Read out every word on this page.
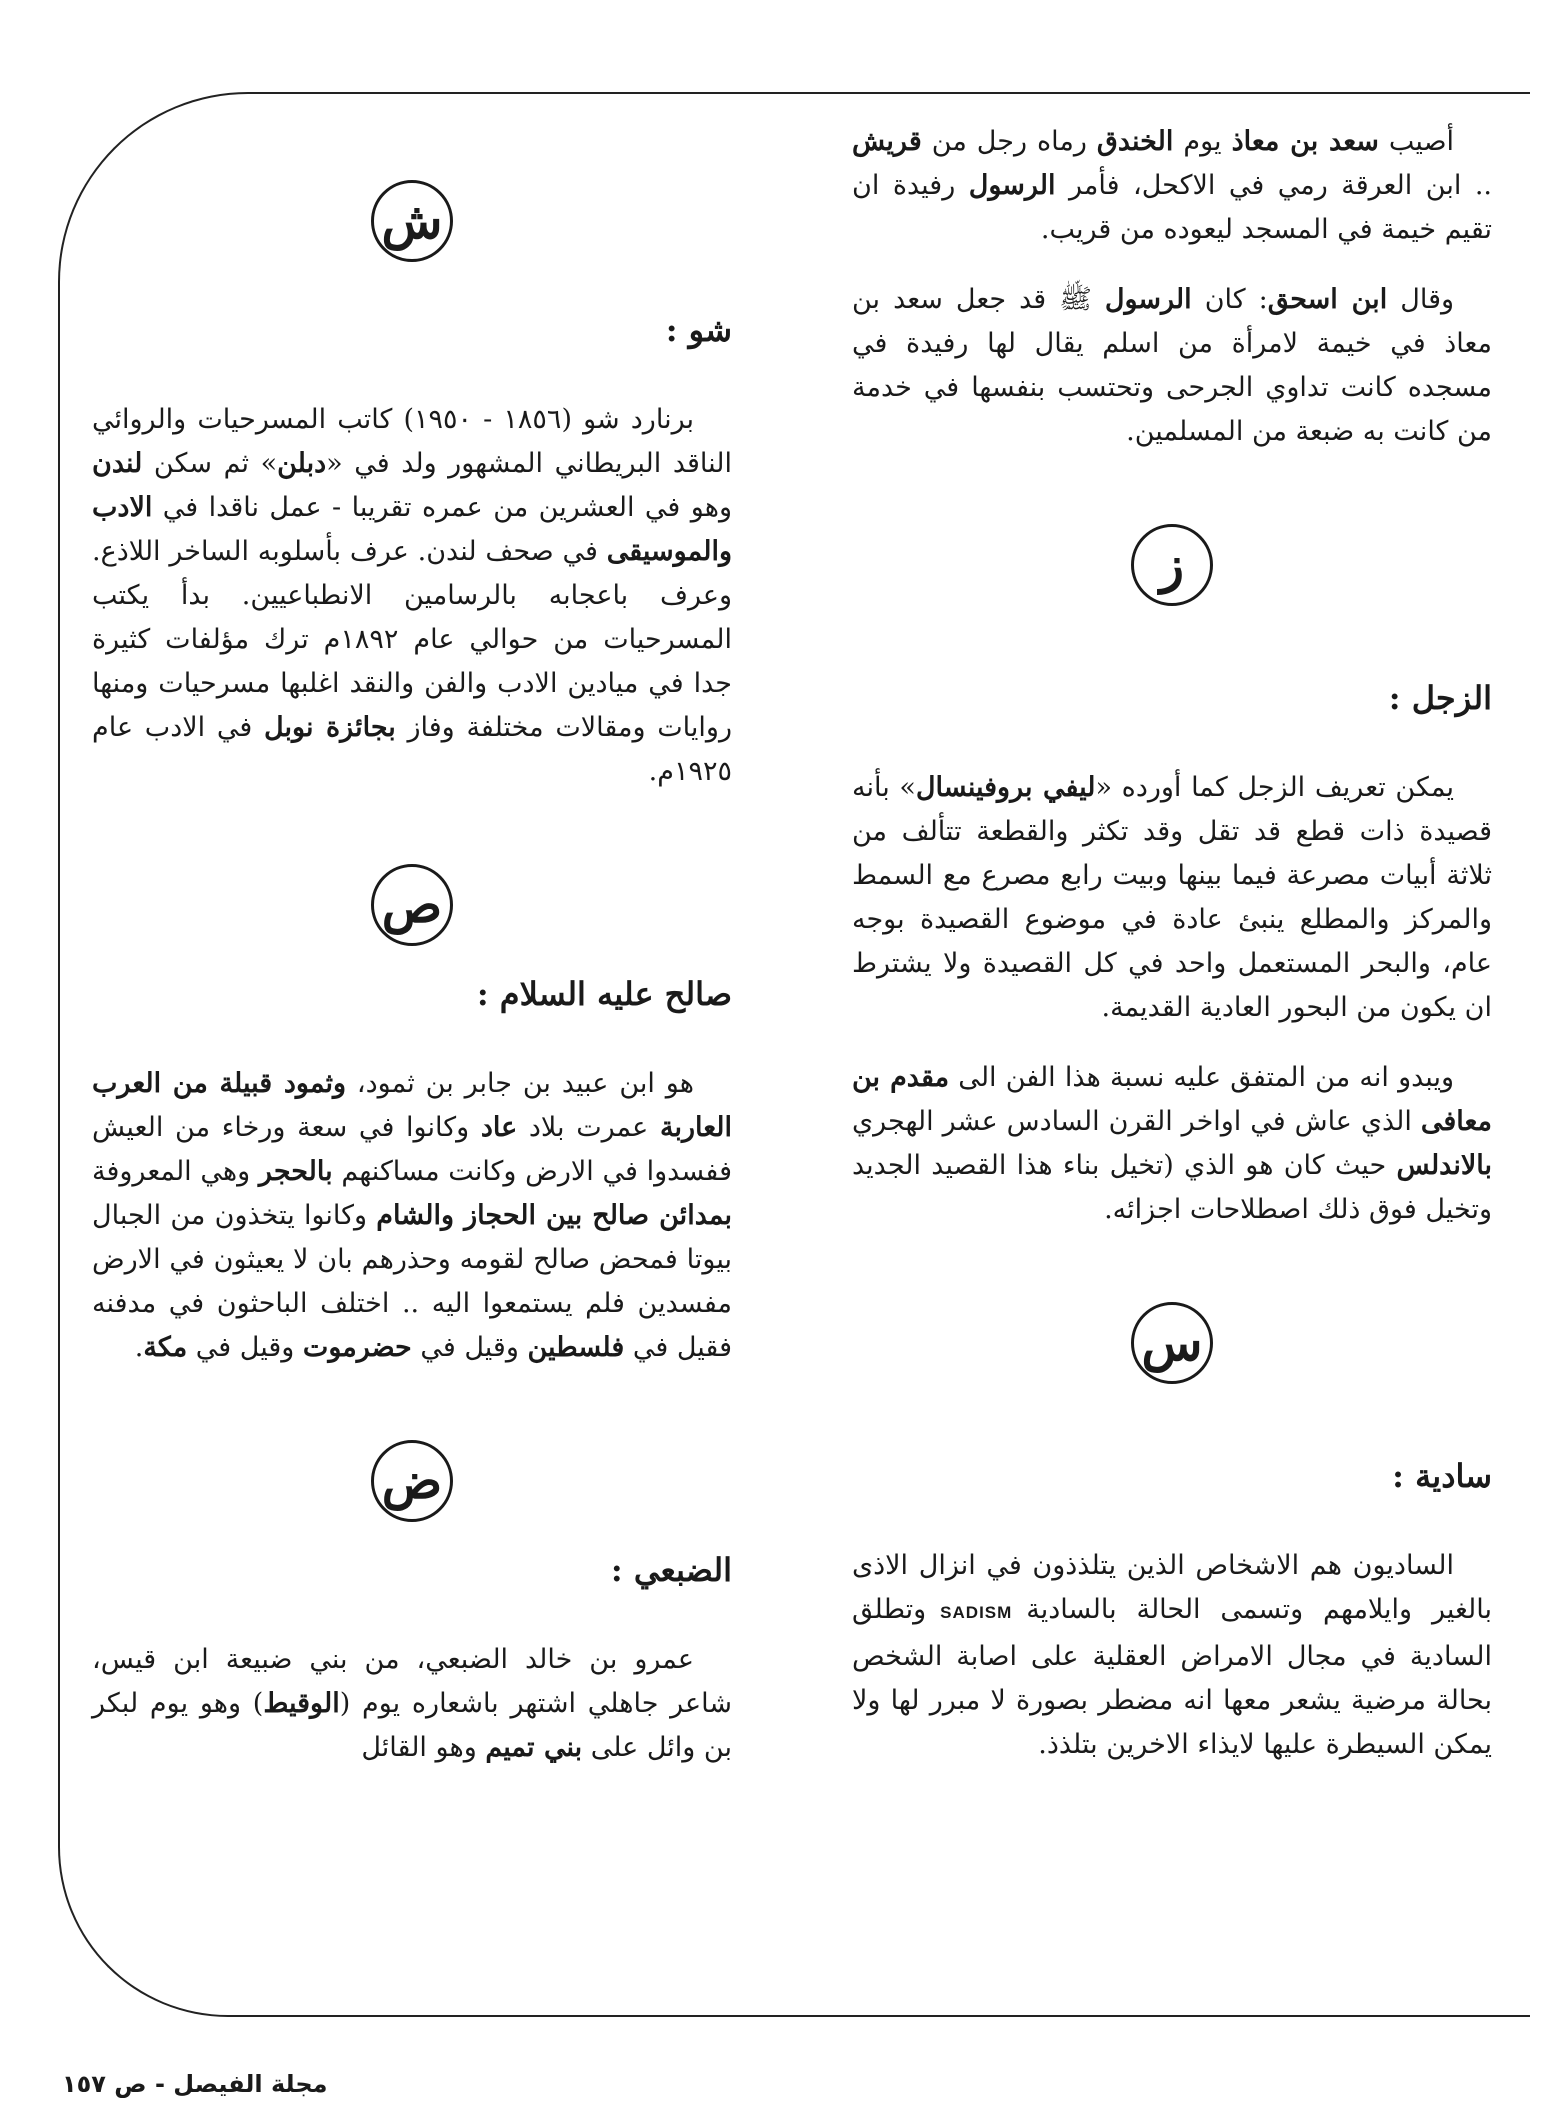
أصيب سعد بن معاذ يوم الخندق رماه رجل من قريش .. ابن العرقة رمي في الاكحل، فأمر الرسول رفيدة ان تقيم خيمة في المسجد ليعوده من قريب.

وقال ابن اسحق: كان الرسول ﷺ قد جعل سعد بن معاذ في خيمة لامرأة من اسلم يقال لها رفيدة في مسجده كانت تداوي الجرحى وتحتسب بنفسها في خدمة من كانت به ضبعة من المسلمين.

ز
الزجل :

يمكن تعريف الزجل كما أورده «ليفي بروفينسال» بأنه قصيدة ذات قطع قد تقل وقد تكثر والقطعة تتألف من ثلاثة أبيات مصرعة فيما بينها وبيت رابع مصرع مع السمط والمركز والمطلع ينبئ عادة في موضوع القصيدة بوجه عام، والبحر المستعمل واحد في كل القصيدة ولا يشترط ان يكون من البحور العادية القديمة.

ويبدو انه من المتفق عليه نسبة هذا الفن الى مقدم بن معافى الذي عاش في اواخر القرن السادس عشر الهجري بالاندلس حيث كان هو الذي (تخيل بناء هذا القصيد الجديد وتخيل فوق ذلك اصطلاحات اجزائه.

س
سادية :

الساديون هم الاشخاص الذين يتلذذون في انزال الاذى بالغير وايلامهم وتسمى الحالة بالساديةSADISMوتطلق السادية في مجال الامراض العقلية على اصابة الشخص بحالة مرضية يشعر معها انه مضطر بصورة لا مبرر لها ولا يمكن السيطرة عليها لايذاء الاخرين بتلذذ.

ش
شو :

برنارد شو (١٨٥٦ - ١٩٥٠) كاتب المسرحيات والروائي الناقد البريطاني المشهور ولد في «دبلن» ثم سكن لندن وهو في العشرين من عمره تقريبا - عمل ناقدا في الادب والموسيقى في صحف لندن. عرف بأسلوبه الساخر اللاذع. وعرف باعجابه بالرسامين الانطباعيين. بدأ يكتب المسرحيات من حوالي عام ١٨٩٢م ترك مؤلفات كثيرة جدا في ميادين الادب والفن والنقد اغلبها مسرحيات ومنها روايات ومقالات مختلفة وفاز بجائزة نوبل في الادب عام ١٩٢٥م.

ص
صالح عليه السلام :

هو ابن عبيد بن جابر بن ثمود، وثمود قبيلة من العرب العاربة عمرت بلاد عاد وكانوا في سعة ورخاء من العيش ففسدوا في الارض وكانت مساكنهم بالحجر وهي المعروفة بمدائن صالح بين الحجاز والشام وكانوا يتخذون من الجبال بيوتا فمحض صالح لقومه وحذرهم بان لا يعيثون في الارض مفسدين فلم يستمعوا اليه .. اختلف الباحثون في مدفنه فقيل في فلسطين وقيل في حضرموت وقيل في مكة.

ض
الضبعي :

عمرو بن خالد الضبعي، من بني ضبيعة ابن قيس، شاعر جاهلي اشتهر باشعاره يوم (الوقيط) وهو يوم لبكر بن وائل على بني تميم وهو القائل

مجلة الفيصل - ص ١٥٧
